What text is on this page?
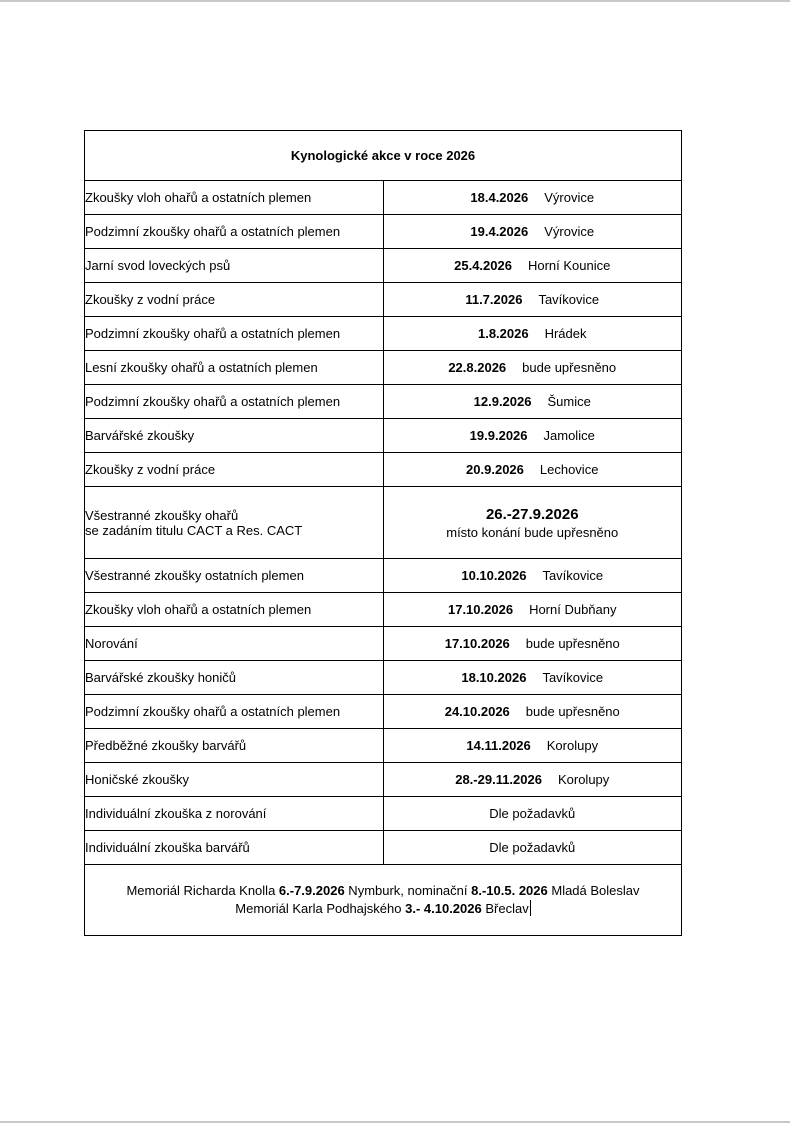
Kynologické akce v roce 2026	
Zkoušky vloh ohařů a ostatních plemen	18.4.2026 Výrovice
Podzimní zkoušky ohařů a ostatních plemen	19.4.2026 Výrovice
Jarní svod loveckých psů	25.4.2026 Horní Kounice
Zkoušky z vodní práce	11.7.2026 Tavíkovice
Podzimní zkoušky ohařů a ostatních plemen	1.8.2026 Hrádek
Lesní zkoušky ohařů a ostatních plemen	22.8.2026 bude upřesněno
Podzimní zkoušky ohařů a ostatních plemen	12.9.2026 Šumice
Barvářské zkoušky	19.9.2026 Jamolice
Zkoušky z vodní práce	20.9.2026 Lechovice

Všestranné zkoušky ohařů
se zadáním titulu CACT a Res. CACT	26.-27.9.2026
místo konání bude upřesněno

Všestranné zkoušky ostatních plemen	10.10.2026 Tavíkovice
Zkoušky vloh ohařů a ostatních plemen	17.10.2026 Horní Dubňany
Norování	17.10.2026 bude upřesněno
Barvářské zkoušky honičů	18.10.2026 Tavíkovice
Podzimní zkoušky ohařů a ostatních plemen	24.10.2026 bude upřesněno
Předběžné zkoušky barvářů	14.11.2026 Korolupy
Honičské zkoušky	28.-29.11.2026 Korolupy
Individuální zkouška z norování	Dle požadavků
Individuální zkouška barvářů	Dle požadavků
Memoriál Richarda Knolla 6.-7.9.2026 Nymburk, nominační 8.-10.5. 2026 Mladá Boleslav
Memoriál Karla Podhajského 3.- 4.10.2026 Břeclav	
